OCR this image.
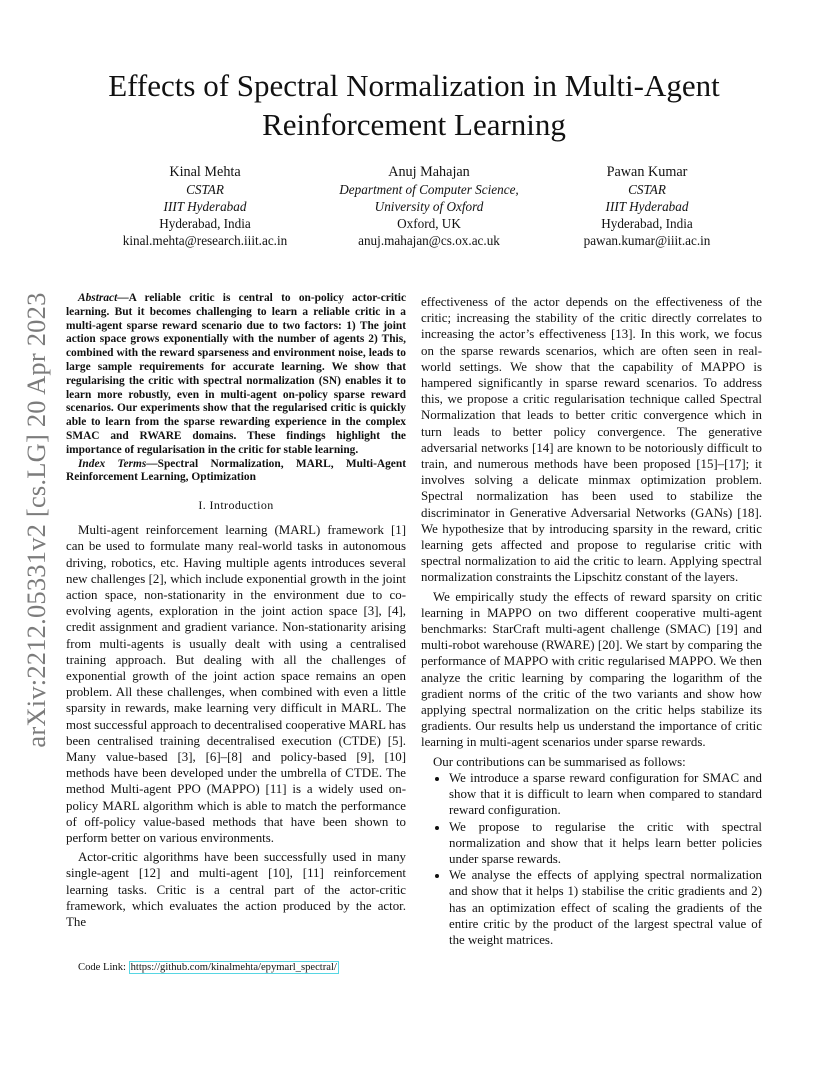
Effects of Spectral Normalization in Multi-Agent Reinforcement Learning
Kinal Mehta
CSTAR
IIIT Hyderabad
Hyderabad, India
kinal.mehta@research.iiit.ac.in
Anuj Mahajan
Department of Computer Science,
University of Oxford
Oxford, UK
anuj.mahajan@cs.ox.ac.uk
Pawan Kumar
CSTAR
IIIT Hyderabad
Hyderabad, India
pawan.kumar@iiit.ac.in
arXiv:2212.05331v2 [cs.LG] 20 Apr 2023	Abstract—A reliable critic is central to on-policy actor-critic learning. But it becomes challenging to learn a reliable critic in a multi-agent sparse reward scenario due to two factors: 1) The joint action space grows exponentially with the number of agents 2) This, combined with the reward sparseness and environment noise, leads to large sample requirements for accurate learning. We show that regularising the critic with spectral normalization (SN) enables it to learn more robustly, even in multi-agent on-policy sparse reward scenarios. Our experiments show that the regularised critic is quickly able to learn from the sparse rewarding experience in the complex SMAC and RWARE domains. These findings highlight the importance of regularisation in the critic for stable learning.

Index Terms—Spectral Normalization, MARL, Multi-Agent Reinforcement Learning, Optimization

I. Introduction

Multi-agent reinforcement learning (MARL) framework [1] can be used to formulate many real-world tasks in autonomous driving, robotics, etc. Having multiple agents introduces several new challenges [2], which include exponential growth in the joint action space, non-stationarity in the environment due to co-evolving agents, exploration in the joint action space [3], [4], credit assignment and gradient variance. Non-stationarity arising from multi-agents is usually dealt with using a centralised training approach. But dealing with all the challenges of exponential growth of the joint action space remains an open problem. All these challenges, when combined with even a little sparsity in rewards, make learning very difficult in MARL. The most successful approach to decentralised cooperative MARL has been centralised training decentralised execution (CTDE) [5]. Many value-based [3], [6]–[8] and policy-based [9], [10] methods have been developed under the umbrella of CTDE. The method Multi-agent PPO (MAPPO) [11] is a widely used on-policy MARL algorithm which is able to match the performance of off-policy value-based methods that have been shown to perform better on various environments.

Actor-critic algorithms have been successfully used in many single-agent [12] and multi-agent [10], [11] reinforcement learning tasks. Critic is a central part of the actor-critic framework, which evaluates the action produced by the actor. The

effectiveness of the actor depends on the effectiveness of the critic; increasing the stability of the critic directly correlates to increasing the actor’s effectiveness [13]. In this work, we focus on the sparse rewards scenarios, which are often seen in real-world settings. We show that the capability of MAPPO is hampered significantly in sparse reward scenarios. To address this, we propose a critic regularisation technique called Spectral Normalization that leads to better critic convergence which in turn leads to better policy convergence. The generative adversarial networks [14] are known to be notoriously difficult to train, and numerous methods have been proposed [15]–[17]; it involves solving a delicate minmax optimization problem. Spectral normalization has been used to stabilize the discriminator in Generative Adversarial Networks (GANs) [18]. We hypothesize that by introducing sparsity in the reward, critic learning gets affected and propose to regularise critic with spectral normalization to aid the critic to learn. Applying spectral normalization constraints the Lipschitz constant of the layers.

We empirically study the effects of reward sparsity on critic learning in MAPPO on two different cooperative multi-agent benchmarks: StarCraft multi-agent challenge (SMAC) [19] and multi-robot warehouse (RWARE) [20]. We start by comparing the performance of MAPPO with critic regularised MAPPO. We then analyze the critic learning by comparing the logarithm of the gradient norms of the critic of the two variants and show how applying spectral normalization on the critic helps stabilize its gradients. Our results help us understand the importance of critic learning in multi-agent scenarios under sparse rewards.

Our contributions can be summarised as follows:

• We introduce a sparse reward configuration for SMAC and show that it is difficult to learn when compared to standard reward configuration.
• We propose to regularise the critic with spectral normalization and show that it helps learn better policies under sparse rewards.
• We analyse the effects of applying spectral normalization and show that it helps 1) stabilise the critic gradients and 2) has an optimization effect of scaling the gradients of the entire critic by the product of the largest spectral value of the weight matrices.
Code Link: https://github.com/kinalmehta/epymarl_spectral/
